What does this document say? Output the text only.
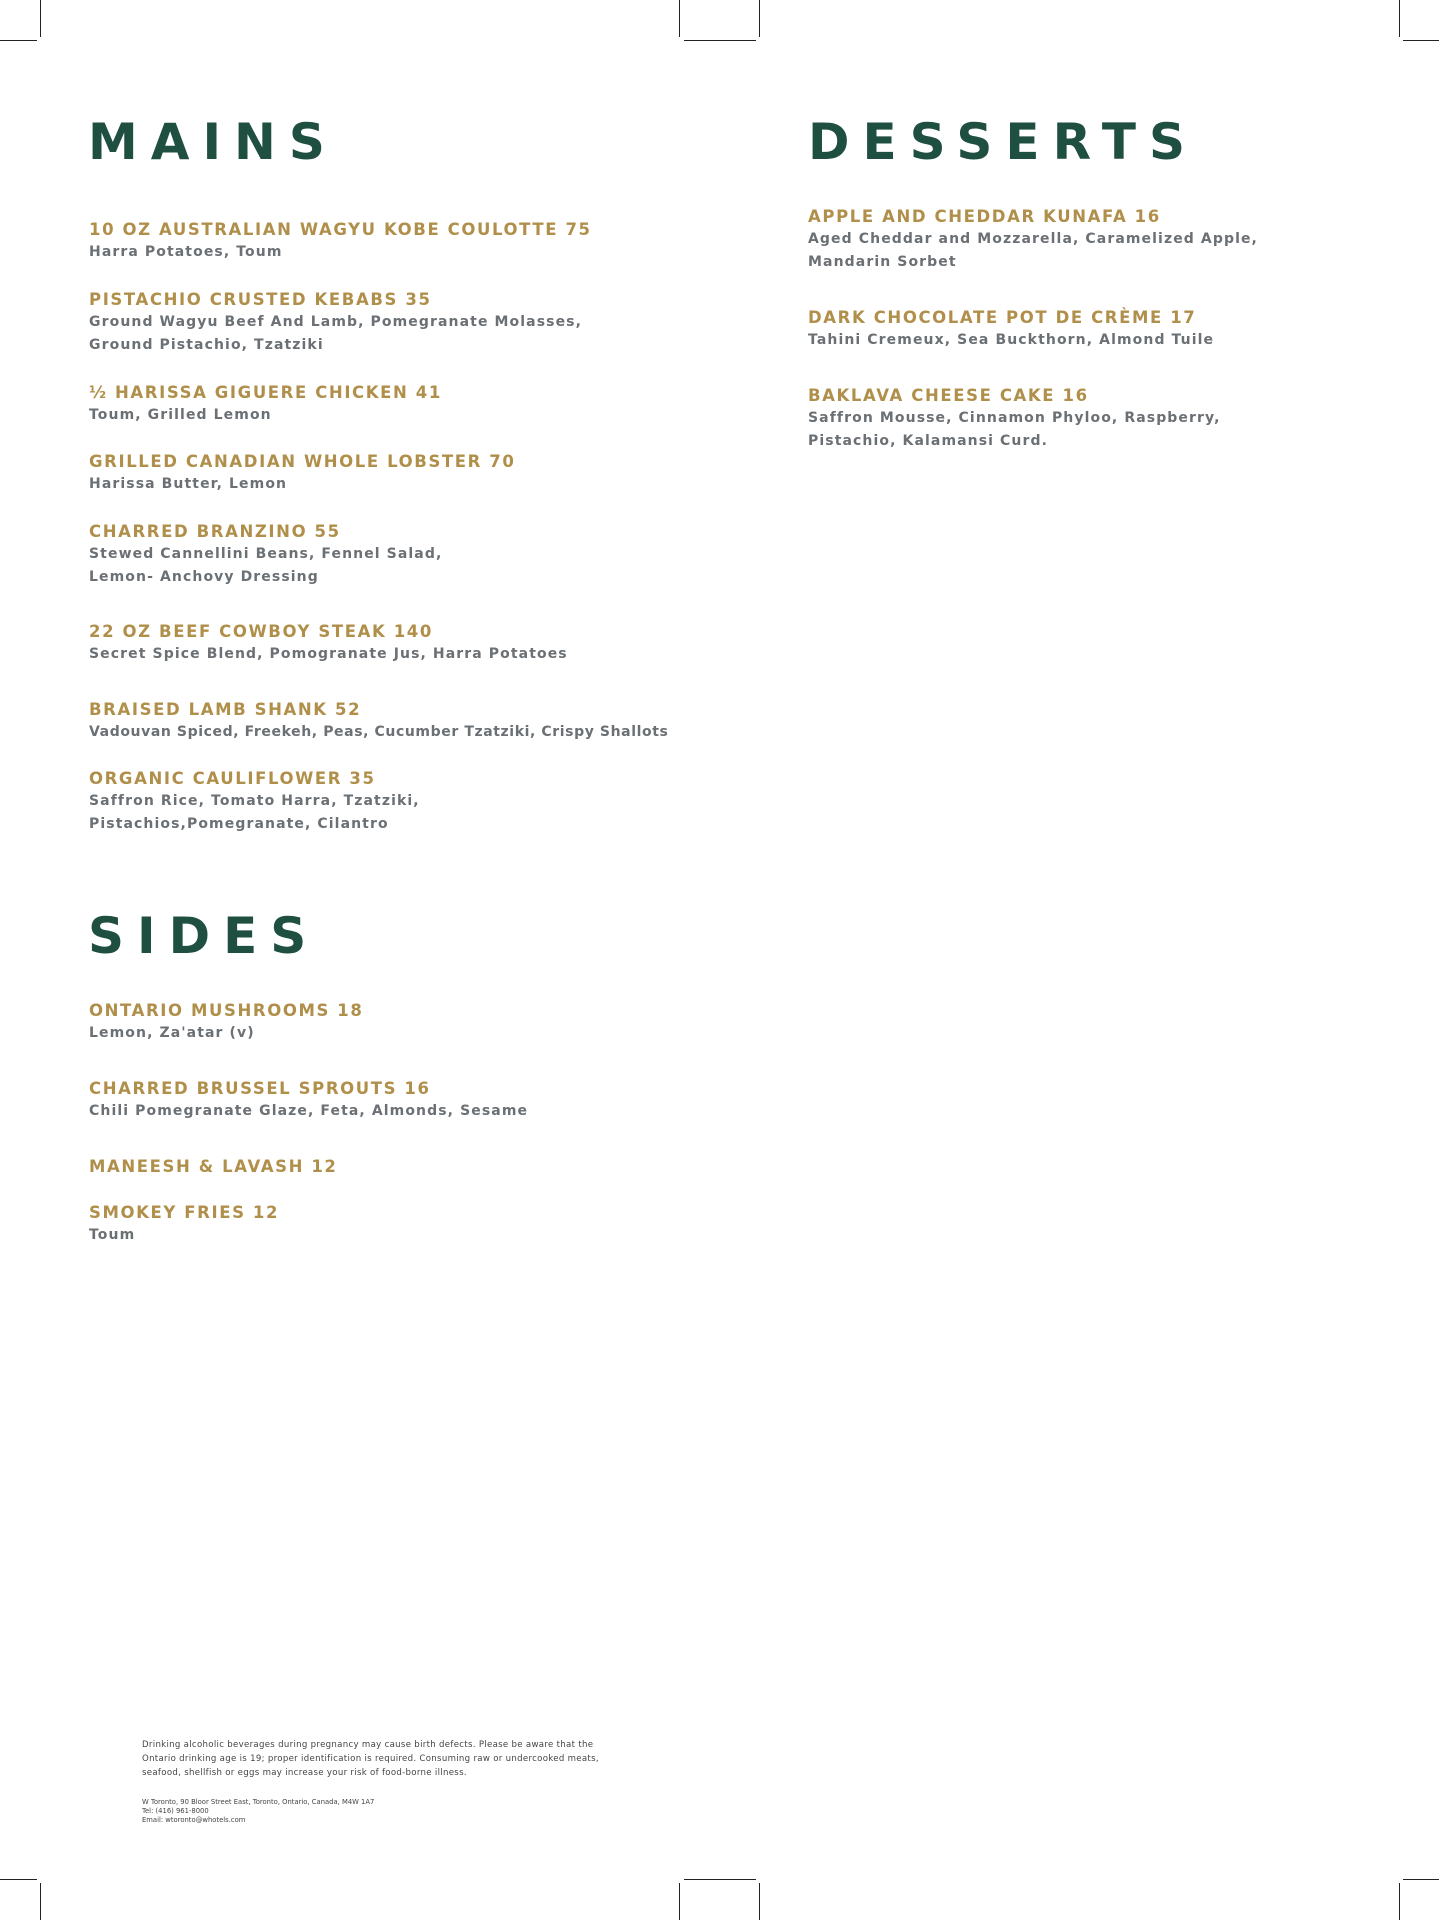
MAINS
10 OZ AUSTRALIAN WAGYU KOBE COULOTTE 75
Harra Potatoes, Toum
PISTACHIO CRUSTED KEBABS 35
Ground Wagyu Beef And Lamb, Pomegranate Molasses,
Ground Pistachio, Tzatziki
½ HARISSA GIGUERE CHICKEN 41
Toum, Grilled Lemon
GRILLED CANADIAN WHOLE LOBSTER 70
Harissa Butter, Lemon
CHARRED BRANZINO 55
Stewed Cannellini Beans, Fennel Salad,
Lemon- Anchovy Dressing
22 OZ BEEF COWBOY STEAK 140
Secret Spice Blend, Pomogranate Jus, Harra Potatoes
BRAISED LAMB SHANK 52
Vadouvan Spiced, Freekeh, Peas, Cucumber Tzatziki, Crispy Shallots
ORGANIC CAULIFLOWER 35
Saffron Rice, Tomato Harra, Tzatziki,
Pistachios,Pomegranate, Cilantro
SIDES
ONTARIO MUSHROOMS 18
Lemon, Za'atar (v)
CHARRED BRUSSEL SPROUTS 16
Chili Pomegranate Glaze, Feta, Almonds, Sesame
MANEESH & LAVASH 12
SMOKEY FRIES 12
Toum
DESSERTS
APPLE AND CHEDDAR KUNAFA 16
Aged Cheddar and Mozzarella, Caramelized Apple,
Mandarin Sorbet
DARK CHOCOLATE POT DE CRÈME 17
Tahini Cremeux, Sea Buckthorn, Almond Tuile
BAKLAVA CHEESE CAKE 16
Saffron Mousse, Cinnamon Phyloo, Raspberry,
Pistachio, Kalamansi Curd.
Drinking alcoholic beverages during pregnancy may cause birth defects. Please be aware that the Ontario drinking age is 19; proper identification is required. Consuming raw or undercooked meats, seafood, shellfish or eggs may increase your risk of food-borne illness.
W Toronto, 90 Bloor Street East, Toronto, Ontario, Canada, M4W 1A7
Tel: (416) 961-8000
Email: wtoronto@whotels.com
